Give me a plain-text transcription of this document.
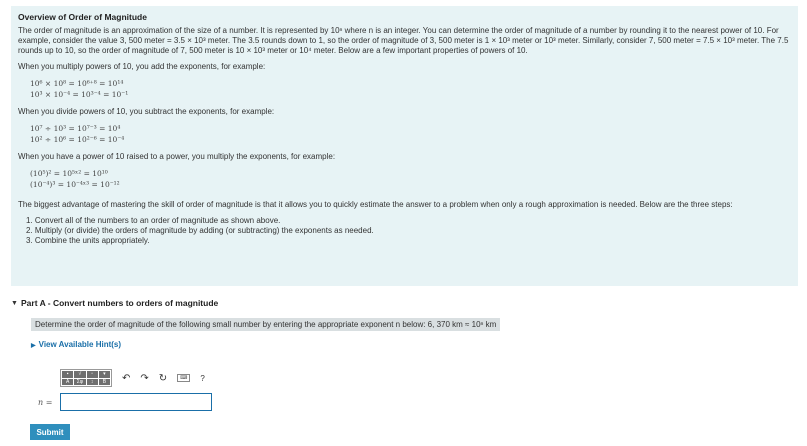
Overview of Order of Magnitude

The order of magnitude is an approximation of the size of a number. It is represented by 10ⁿ where n is an integer. You can determine the order of magnitude of a number by rounding it to the nearest power of 10. For example, consider the value 3, 500 meter = 3.5 × 10³ meter. The 3.5 rounds down to 1, so the order of magnitude of 3, 500 meter is 1 × 10³ meter or 10³ meter. Similarly, consider 7, 500 meter = 7.5 × 10³ meter. The 7.5 rounds up to 10, so the order of magnitude of 7, 500 meter is 10 × 10³ meter or 10⁴ meter. Below are a few important properties of powers of 10.

When you multiply powers of 10, you add the exponents, for example:

10⁶ × 10⁸ = 10⁶⁺⁸ = 10¹⁴
10³ × 10⁻⁴ = 10³⁻⁴ = 10⁻¹

When you divide powers of 10, you subtract the exponents, for example:

10⁷ ÷ 10³ = 10⁷⁻³ = 10⁴
10² ÷ 10⁶ = 10²⁻⁶ = 10⁻⁴

When you have a power of 10 raised to a power, you multiply the exponents, for example:

(10⁵)² = 10⁵ˣ² = 10¹⁰
(10⁻⁴)³ = 10⁻⁴ˣ³ = 10⁻¹²

The biggest advantage of mastering the skill of order of magnitude is that it allows you to quickly estimate the answer to a problem when only a rough approximation is needed. Below are the three steps:

1. Convert all of the numbers to an order of magnitude as shown above.
2. Multiply (or divide) the orders of magnitude by adding (or subtracting) the exponents as needed.
3. Combine the units appropriately.
▼ Part A - Convert numbers to orders of magnitude
Determine the order of magnitude of the following small number by entering the appropriate exponent n below: 6, 370 km ≈ 10ⁿ km
▶ View Available Hint(s)
▪	√	▫	▾
A	Σφ	↕	B	↶ ↷ ↻	⌨	?
n =
Submit
